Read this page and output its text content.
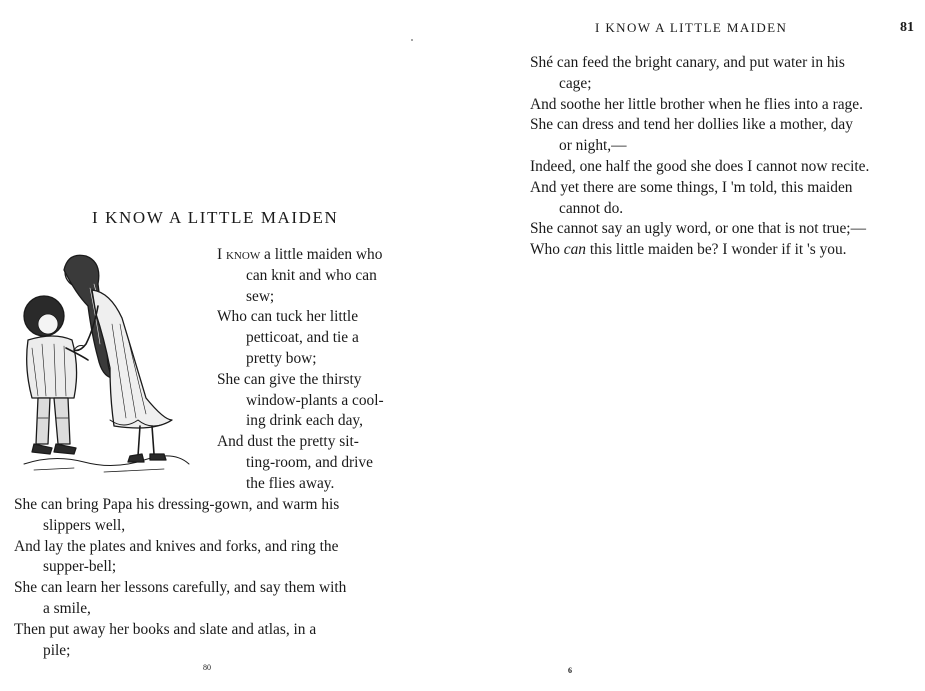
I KNOW A LITTLE MAIDEN
I know a little maiden who
can knit and who can
sew;
Who can tuck her little
petticoat, and tie a
pretty bow;
She can give the thirsty
window-plants a cool-
ing drink each day,
And dust the pretty sit-
ting-room, and drive
the flies away.
She can bring Papa his dressing-gown, and warm his
slippers well,
And lay the plates and knives and forks, and ring the
supper-bell;
She can learn her lessons carefully, and say them with
a smile,
Then put away her books and slate and atlas, in a
pile;
80
I KNOW A LITTLE MAIDEN	81
Shé can feed the bright canary, and put water in his
cage;
And soothe her little brother when he flies into a rage.
She can dress and tend her dollies like a mother, day
or night,—
Indeed, one half the good she does I cannot now recite.
And yet there are some things, I 'm told, this maiden
cannot do.
She cannot say an ugly word, or one that is not true;—
Who can this little maiden be? I wonder if it 's you.
6
